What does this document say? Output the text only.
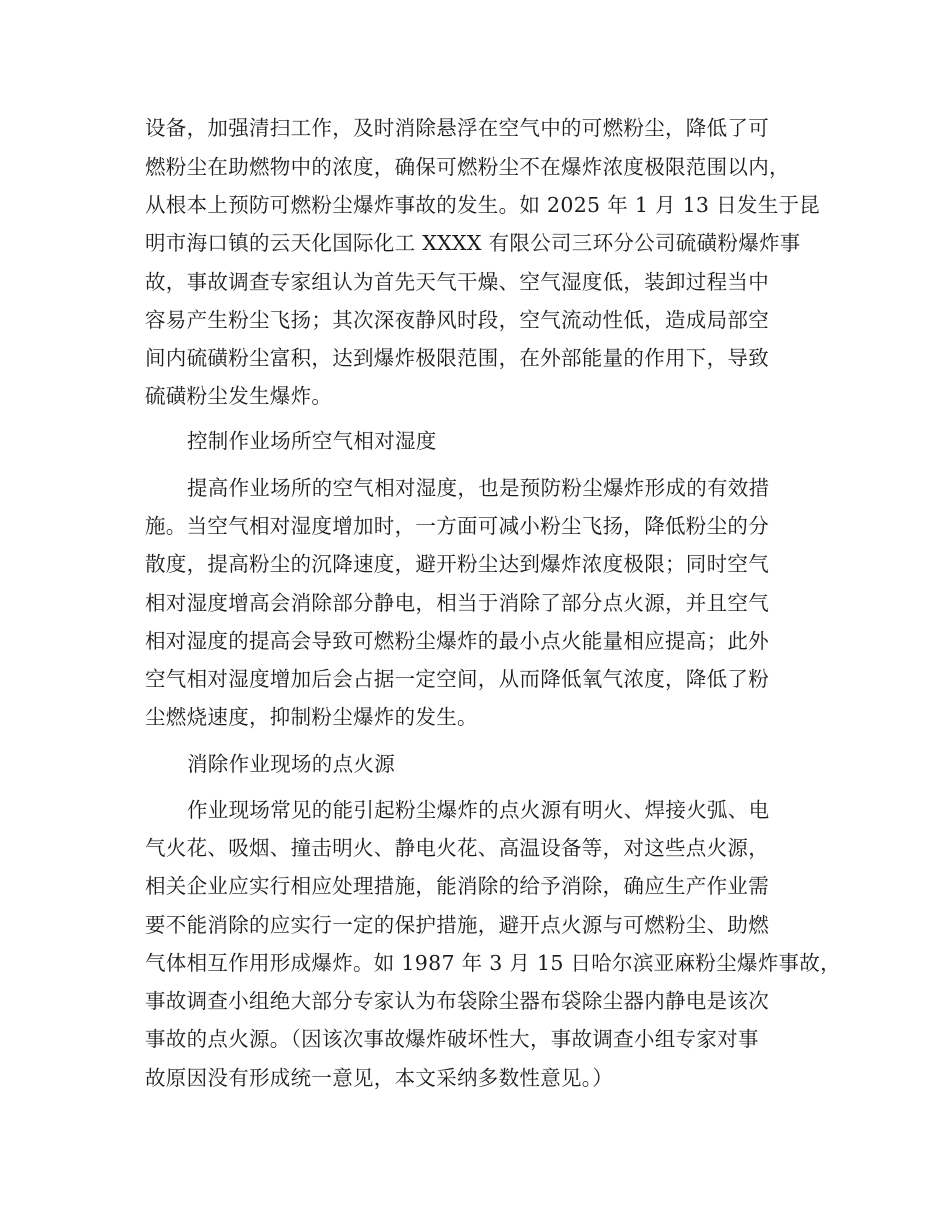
设备，加强清扫工作，及时消除悬浮在空气中的可燃粉尘，降低了可
燃粉尘在助燃物中的浓度，确保可燃粉尘不在爆炸浓度极限范围以内，
从根本上预防可燃粉尘爆炸事故的发生。如 2025 年 1 月 13 日发生于昆
明市海口镇的云天化国际化工 XXXX 有限公司三环分公司硫磺粉爆炸事
故，事故调查专家组认为首先天气干燥、空气湿度低，装卸过程当中
容易产生粉尘飞扬；其次深夜静风时段，空气流动性低，造成局部空
间内硫磺粉尘富积，达到爆炸极限范围，在外部能量的作用下，导致
硫磺粉尘发生爆炸。
控制作业场所空气相对湿度
提高作业场所的空气相对湿度，也是预防粉尘爆炸形成的有效措
施。当空气相对湿度增加时，一方面可减小粉尘飞扬，降低粉尘的分
散度，提高粉尘的沉降速度，避开粉尘达到爆炸浓度极限；同时空气
相对湿度增高会消除部分静电，相当于消除了部分点火源，并且空气
相对湿度的提高会导致可燃粉尘爆炸的最小点火能量相应提高；此外
空气相对湿度增加后会占据一定空间，从而降低氧气浓度，降低了粉
尘燃烧速度，抑制粉尘爆炸的发生。
消除作业现场的点火源
作业现场常见的能引起粉尘爆炸的点火源有明火、焊接火弧、电
气火花、吸烟、撞击明火、静电火花、高温设备等，对这些点火源，
相关企业应实行相应处理措施，能消除的给予消除，确应生产作业需
要不能消除的应实行一定的保护措施，避开点火源与可燃粉尘、助燃
气体相互作用形成爆炸。如 1987 年 3 月 15 日哈尔滨亚麻粉尘爆炸事故，
事故调查小组绝大部分专家认为布袋除尘器布袋除尘器内静电是该次
事故的点火源。（因该次事故爆炸破坏性大，事故调查小组专家对事
故原因没有形成统一意见，本文采纳多数性意见。）
